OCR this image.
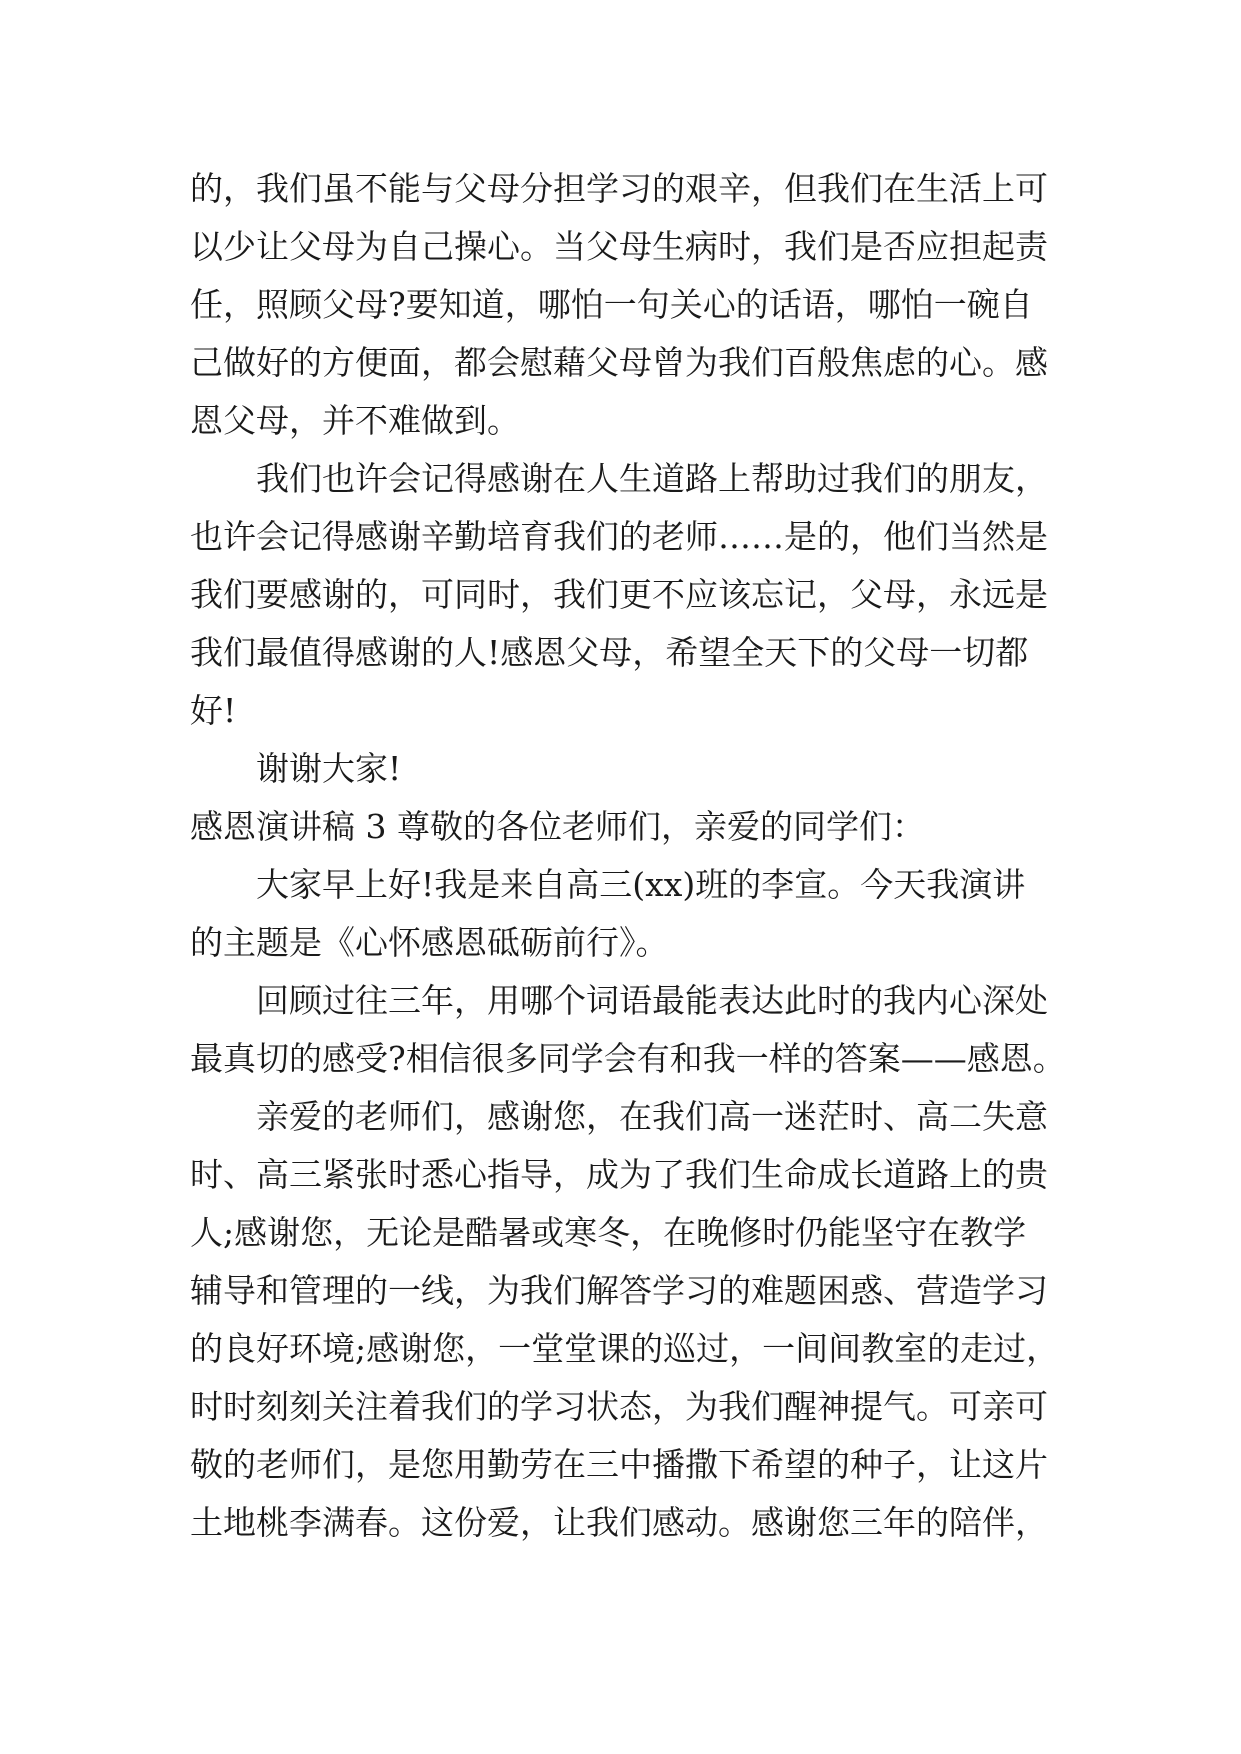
的，我们虽不能与父母分担学习的艰辛，但我们在生活上可
以少让父母为自己操心。当父母生病时，我们是否应担起责
任，照顾父母?要知道，哪怕一句关心的话语，哪怕一碗自
己做好的方便面，都会慰藉父母曾为我们百般焦虑的心。感
恩父母，并不难做到。
我们也许会记得感谢在人生道路上帮助过我们的朋友，
也许会记得感谢辛勤培育我们的老师……是的，他们当然是
我们要感谢的，可同时，我们更不应该忘记，父母，永远是
我们最值得感谢的人!感恩父母，希望全天下的父母一切都
好!
谢谢大家!
感恩演讲稿 3 尊敬的各位老师们，亲爱的同学们：
大家早上好!我是来自高三(xx)班的李宣。今天我演讲
的主题是《心怀感恩砥砺前行》。
回顾过往三年，用哪个词语最能表达此时的我内心深处
最真切的感受?相信很多同学会有和我一样的答案——感恩。
亲爱的老师们，感谢您，在我们高一迷茫时、高二失意
时、高三紧张时悉心指导，成为了我们生命成长道路上的贵
人;感谢您，无论是酷暑或寒冬，在晚修时仍能坚守在教学
辅导和管理的一线，为我们解答学习的难题困惑、营造学习
的良好环境;感谢您，一堂堂课的巡过，一间间教室的走过，
时时刻刻关注着我们的学习状态，为我们醒神提气。可亲可
敬的老师们，是您用勤劳在三中播撒下希望的种子，让这片
土地桃李满春。这份爱，让我们感动。感谢您三年的陪伴，
